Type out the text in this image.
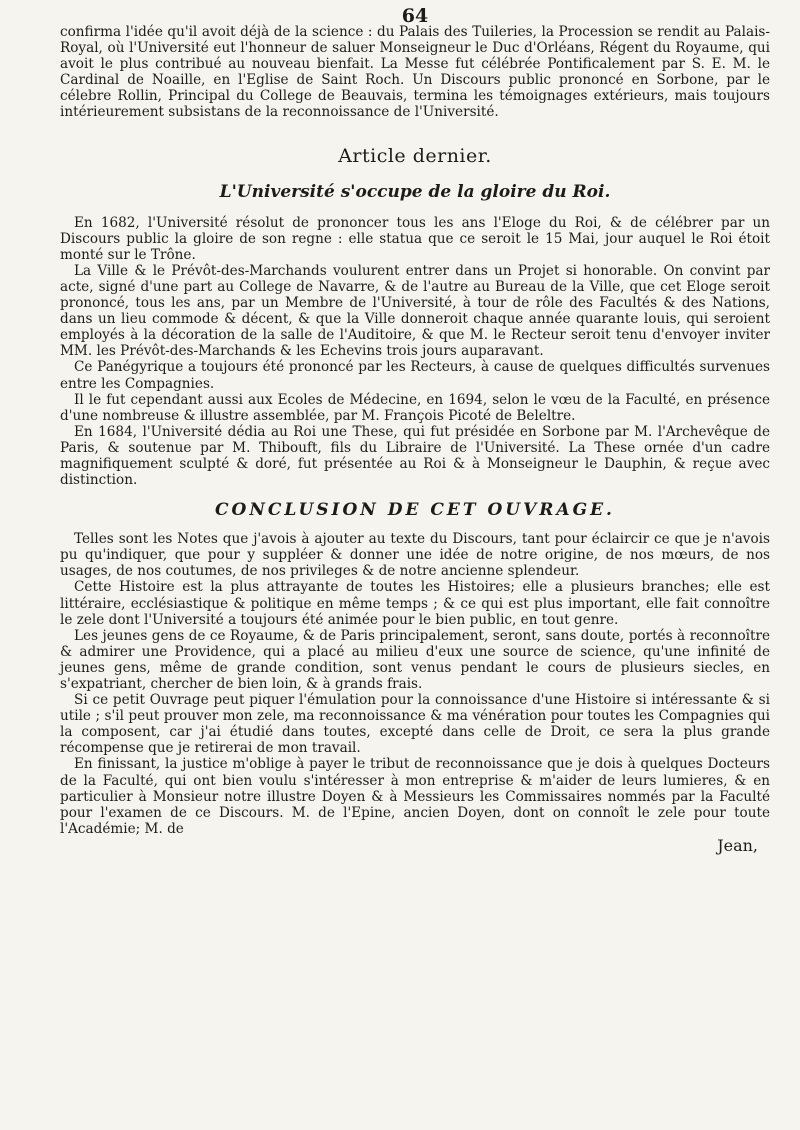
64

confirma l'idée qu'il avoit déjà de la science : du Palais des Tuileries, la Procession se rendit au Palais-Royal, où l'Université eut l'honneur de saluer Monseigneur le Duc d'Orléans, Régent du Royaume, qui avoit le plus contribué au nouveau bienfait. La Messe fut célébrée Pontificalement par S. E. M. le Cardinal de Noaille, en l'Eglise de Saint Roch. Un Discours public prononcé en Sorbone, par le célebre Rollin, Principal du College de Beauvais, termina les témoignages extérieurs, mais toujours intérieurement subsistans de la reconnoissance de l'Université.

Article dernier.
L'Université s'occupe de la gloire du Roi.

En 1682, l'Université résolut de prononcer tous les ans l'Eloge du Roi, & de célébrer par un Discours public la gloire de son regne : elle statua que ce seroit le 15 Mai, jour auquel le Roi étoit monté sur le Trône.

La Ville & le Prévôt-des-Marchands voulurent entrer dans un Projet si honorable. On convint par acte, signé d'une part au College de Navarre, & de l'autre au Bureau de la Ville, que cet Eloge seroit prononcé, tous les ans, par un Membre de l'Université, à tour de rôle des Facultés & des Nations, dans un lieu commode & décent, & que la Ville donneroit chaque année quarante louis, qui seroient employés à la décoration de la salle de l'Auditoire, & que M. le Recteur seroit tenu d'envoyer inviter MM. les Prévôt-des-Marchands & les Echevins trois jours auparavant.

Ce Panégyrique a toujours été prononcé par les Recteurs, à cause de quelques difficultés survenues entre les Compagnies.

Il le fut cependant aussi aux Ecoles de Médecine, en 1694, selon le vœu de la Faculté, en présence d'une nombreuse & illustre assemblée, par M. François Picoté de Beleltre.

En 1684, l'Université dédia au Roi une These, qui fut présidée en Sorbone par M. l'Archevêque de Paris, & soutenue par M. Thibouft, fils du Libraire de l'Université. La These ornée d'un cadre magnifiquement sculpté & doré, fut présentée au Roi & à Monseigneur le Dauphin, & reçue avec distinction.

CONCLUSION DE CET OUVRAGE.

Telles sont les Notes que j'avois à ajouter au texte du Discours, tant pour éclaircir ce que je n'avois pu qu'indiquer, que pour y suppléer & donner une idée de notre origine, de nos mœurs, de nos usages, de nos coutumes, de nos privileges & de notre ancienne splendeur.

Cette Histoire est la plus attrayante de toutes les Histoires; elle a plusieurs branches; elle est littéraire, ecclésiastique & politique en même temps ; & ce qui est plus important, elle fait connoître le zele dont l'Université a toujours été animée pour le bien public, en tout genre.

Les jeunes gens de ce Royaume, & de Paris principalement, seront, sans doute, portés à reconnoître & admirer une Providence, qui a placé au milieu d'eux une source de science, qu'une infinité de jeunes gens, même de grande condition, sont venus pendant le cours de plusieurs siecles, en s'expatriant, chercher de bien loin, & à grands frais.

Si ce petit Ouvrage peut piquer l'émulation pour la connoissance d'une Histoire si intéressante & si utile ; s'il peut prouver mon zele, ma reconnoissance & ma vénération pour toutes les Compagnies qui la composent, car j'ai étudié dans toutes, excepté dans celle de Droit, ce sera la plus grande récompense que je retirerai de mon travail.

En finissant, la justice m'oblige à payer le tribut de reconnoissance que je dois à quelques Docteurs de la Faculté, qui ont bien voulu s'intéresser à mon entreprise & m'aider de leurs lumieres, & en particulier à Monsieur notre illustre Doyen & à Messieurs les Commissaires nommés par la Faculté pour l'examen de ce Discours. M. de l'Epine, ancien Doyen, dont on connoît le zele pour toute l'Académie; M. de

Jean,
